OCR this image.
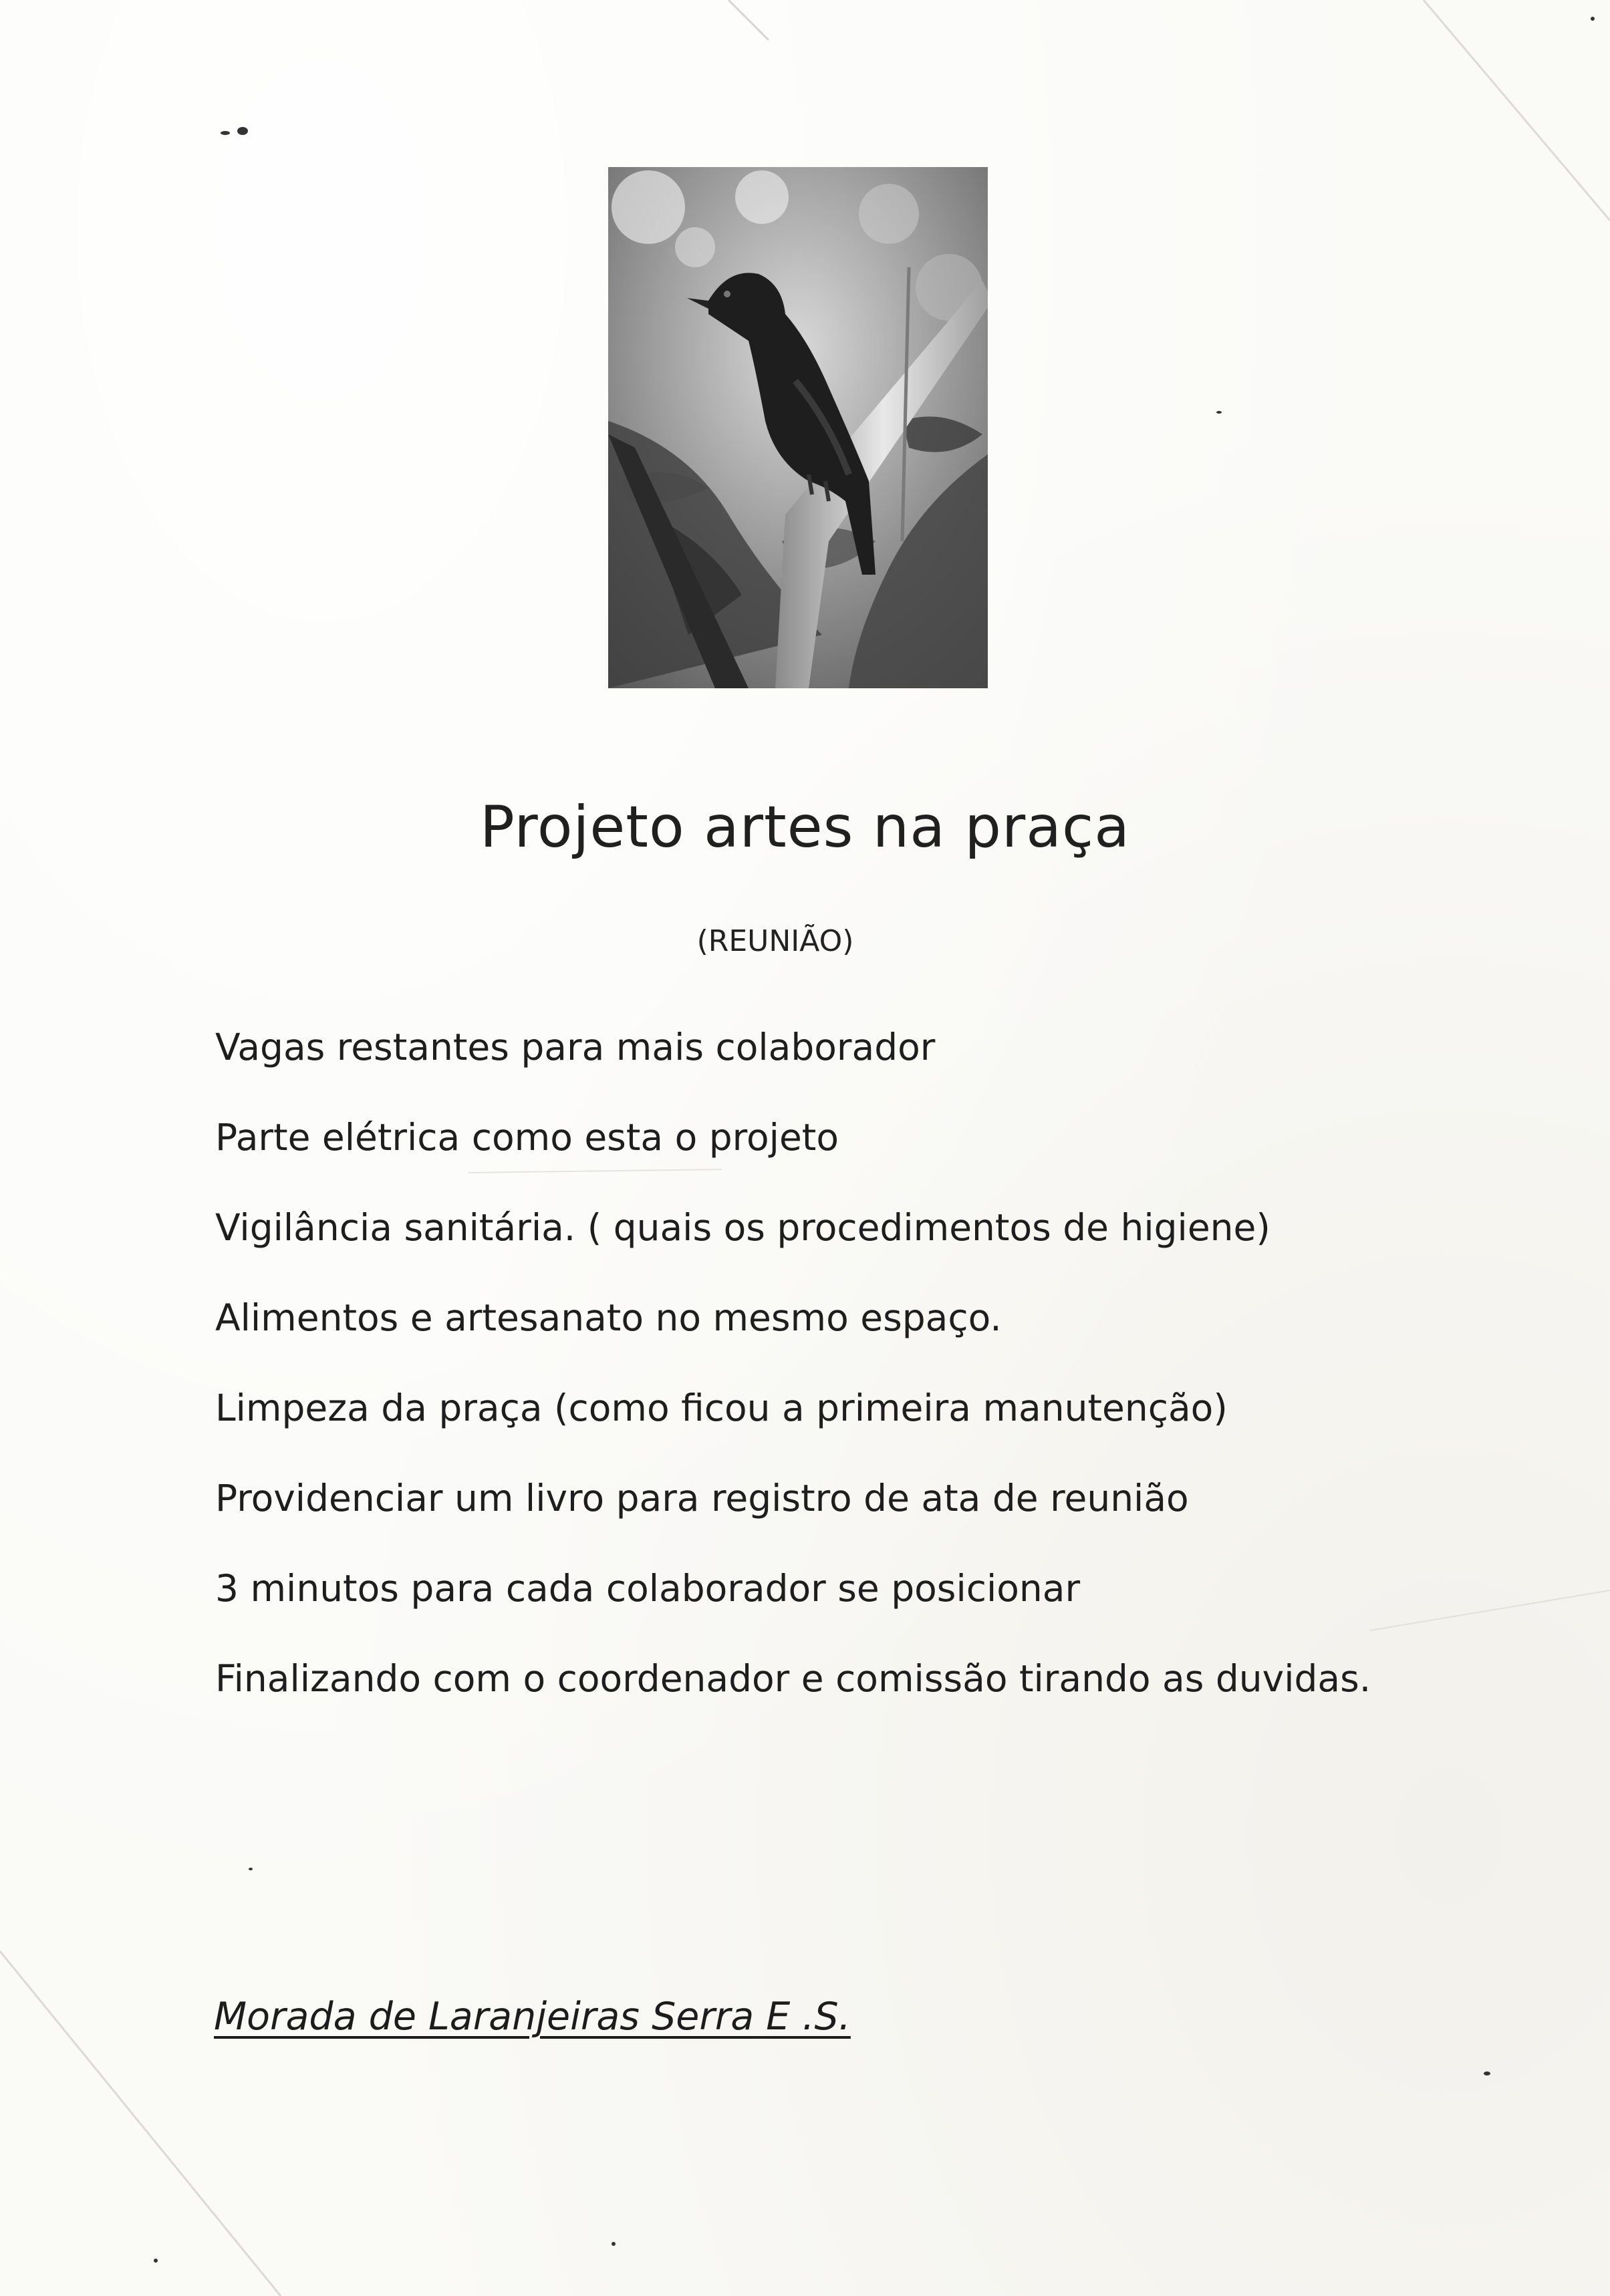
Projeto artes na praça
(REUNIÃO)
Vagas restantes para mais colaborador
Parte elétrica como esta o projeto
Vigilância sanitária. ( quais os procedimentos de higiene)
Alimentos e artesanato no mesmo espaço.
Limpeza da praça (como ficou a primeira manutenção)
Providenciar um livro para registro de ata de reunião
3 minutos para cada colaborador se posicionar
Finalizando com o coordenador e comissão tirando as duvidas.
Morada de Laranjeiras Serra E .S.
